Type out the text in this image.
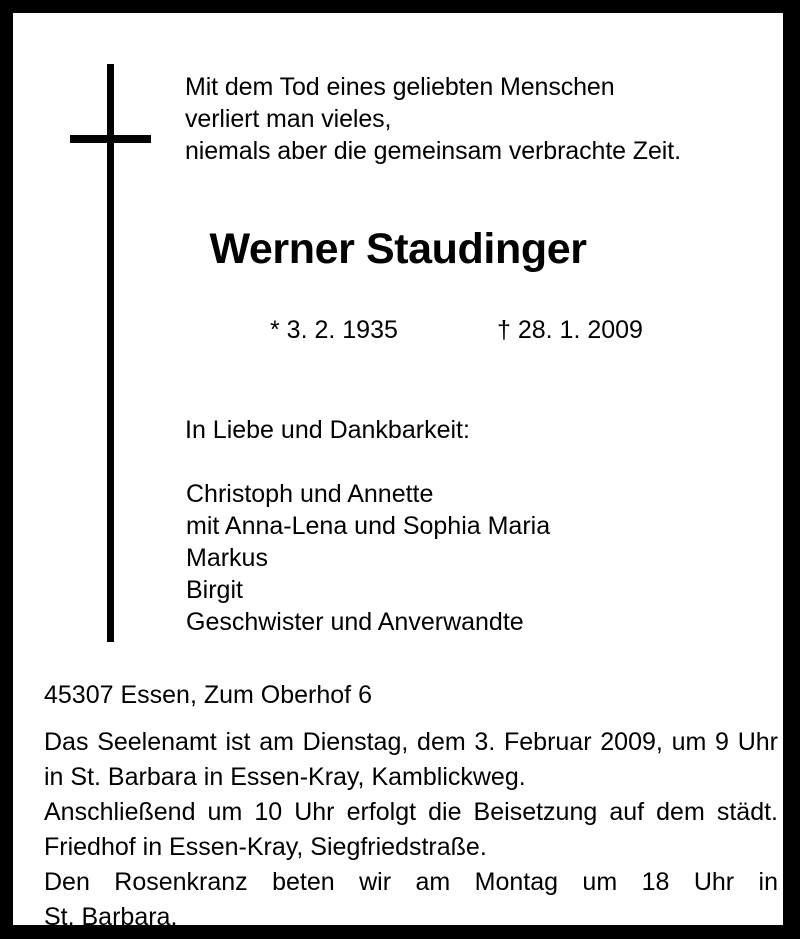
Mit dem Tod eines geliebten Menschen
verliert man vieles,
niemals aber die gemeinsam verbrachte Zeit.
Werner Staudinger
* 3. 2. 1935	† 28. 1. 2009
In Liebe und Dankbarkeit:
Christoph und Annette
mit Anna-Lena und Sophia Maria
Markus
Birgit
Geschwister und Anverwandte
45307 Essen, Zum Oberhof 6

Das Seelenamt ist am Dienstag, dem 3. Februar 2009, um 9 Uhr in St. Barbara in Essen-Kray, Kamblickweg.

Anschließend um 10 Uhr erfolgt die Beisetzung auf dem städt. Friedhof in Essen-Kray, Siegfriedstraße.

Den Rosenkranz beten wir am Montag um 18 Uhr in
St. Barbara.
